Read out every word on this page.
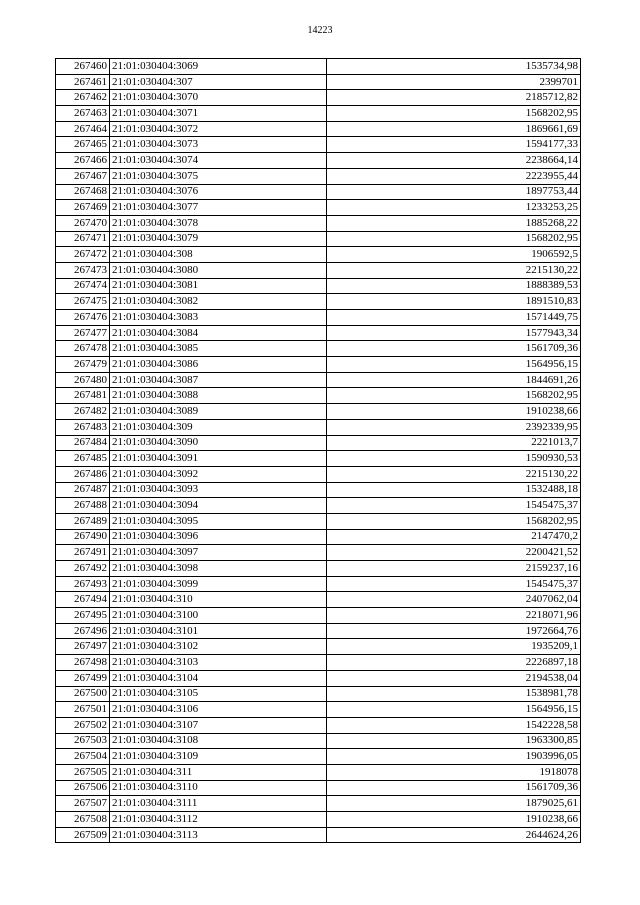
14223
267460	21:01:030404:3069	1535734,98
267461	21:01:030404:307	2399701
267462	21:01:030404:3070	2185712,82
267463	21:01:030404:3071	1568202,95
267464	21:01:030404:3072	1869661,69
267465	21:01:030404:3073	1594177,33
267466	21:01:030404:3074	2238664,14
267467	21:01:030404:3075	2223955,44
267468	21:01:030404:3076	1897753,44
267469	21:01:030404:3077	1233253,25
267470	21:01:030404:3078	1885268,22
267471	21:01:030404:3079	1568202,95
267472	21:01:030404:308	1906592,5
267473	21:01:030404:3080	2215130,22
267474	21:01:030404:3081	1888389,53
267475	21:01:030404:3082	1891510,83
267476	21:01:030404:3083	1571449,75
267477	21:01:030404:3084	1577943,34
267478	21:01:030404:3085	1561709,36
267479	21:01:030404:3086	1564956,15
267480	21:01:030404:3087	1844691,26
267481	21:01:030404:3088	1568202,95
267482	21:01:030404:3089	1910238,66
267483	21:01:030404:309	2392339,95
267484	21:01:030404:3090	2221013,7
267485	21:01:030404:3091	1590930,53
267486	21:01:030404:3092	2215130,22
267487	21:01:030404:3093	1532488,18
267488	21:01:030404:3094	1545475,37
267489	21:01:030404:3095	1568202,95
267490	21:01:030404:3096	2147470,2
267491	21:01:030404:3097	2200421,52
267492	21:01:030404:3098	2159237,16
267493	21:01:030404:3099	1545475,37
267494	21:01:030404:310	2407062,04
267495	21:01:030404:3100	2218071,96
267496	21:01:030404:3101	1972664,76
267497	21:01:030404:3102	1935209,1
267498	21:01:030404:3103	2226897,18
267499	21:01:030404:3104	2194538,04
267500	21:01:030404:3105	1538981,78
267501	21:01:030404:3106	1564956,15
267502	21:01:030404:3107	1542228,58
267503	21:01:030404:3108	1963300,85
267504	21:01:030404:3109	1903996,05
267505	21:01:030404:311	1918078
267506	21:01:030404:3110	1561709,36
267507	21:01:030404:3111	1879025,61
267508	21:01:030404:3112	1910238,66
267509	21:01:030404:3113	2644624,26
